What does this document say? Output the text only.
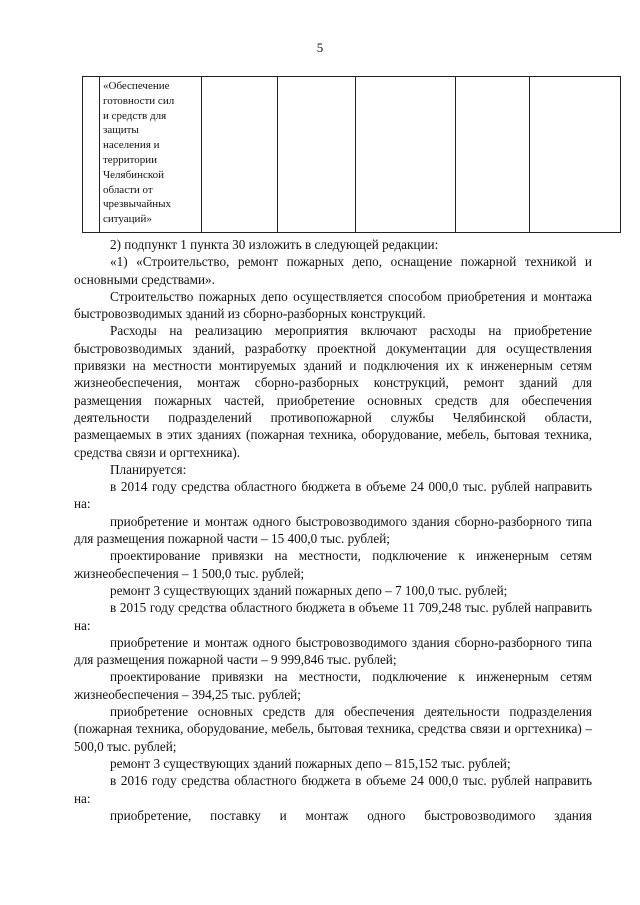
5

«Обеспечение
готовности сил
и средств для
защиты
населения и
территории
Челябинской
области от
чрезвычайных
ситуаций»

2) подпункт 1 пункта 30 изложить в следующей редакции:

«1) «Строительство, ремонт пожарных депо, оснащение пожарной техникой и основными средствами».

Строительство пожарных депо осуществляется способом приобретения и монтажа быстровозводимых зданий из сборно-разборных конструкций.

Расходы на реализацию мероприятия включают расходы на приобретение быстровозводимых зданий, разработку проектной документации для осуществления привязки на местности монтируемых зданий и подключения их к инженерным сетям жизнеобеспечения, монтаж сборно-разборных конструкций, ремонт зданий для размещения пожарных частей, приобретение основных средств для обеспечения деятельности подразделений противопожарной службы Челябинской области, размещаемых в этих зданиях (пожарная техника, оборудование, мебель, бытовая техника, средства связи и оргтехника).

Планируется:

в 2014 году средства областного бюджета в объеме 24 000,0 тыс. рублей направить на:

приобретение и монтаж одного быстровозводимого здания сборно-разборного типа для размещения пожарной части – 15 400,0 тыс. рублей;

проектирование привязки на местности, подключение к инженерным сетям жизнеобеспечения – 1 500,0 тыс. рублей;

ремонт 3 существующих зданий пожарных депо – 7 100,0 тыс. рублей;

в 2015 году средства областного бюджета в объеме 11 709,248 тыс. рублей направить на:

приобретение и монтаж одного быстровозводимого здания сборно-разборного типа для размещения пожарной части – 9 999,846 тыс. рублей;

проектирование привязки на местности, подключение к инженерным сетям жизнеобеспечения – 394,25 тыс. рублей;

приобретение основных средств для обеспечения деятельности подразделения (пожарная техника, оборудование, мебель, бытовая техника, средства связи и оргтехника) – 500,0 тыс. рублей;

ремонт 3 существующих зданий пожарных депо – 815,152 тыс. рублей;

в 2016 году средства областного бюджета в объеме 24 000,0 тыс. рублей направить на:

приобретение, поставку и монтаж одного быстровозводимого здания
